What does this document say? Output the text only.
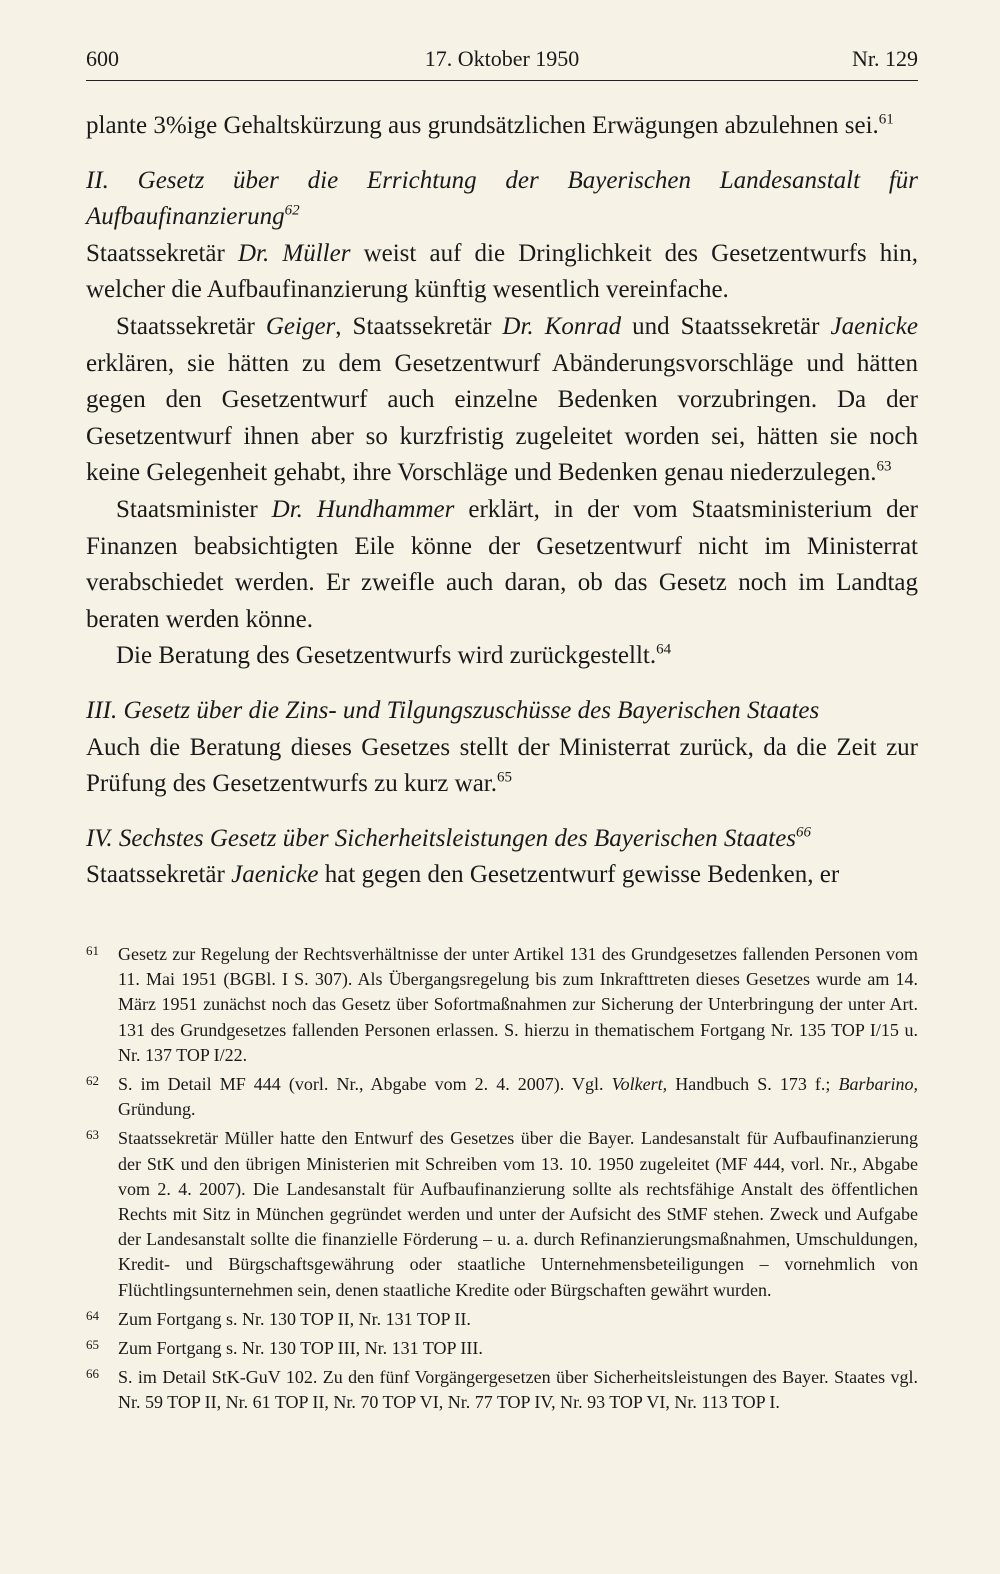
17. Oktober 1950
600	Nr. 129

plante 3%ige Gehaltskürzung aus grundsätzlichen Erwägungen abzulehnen sei.$^{61}$

II. Gesetz über die Errichtung der Bayerischen Landesanstalt für Aufbaufinanzierung$^{62}$

Staatssekretär Dr. Müller weist auf die Dringlichkeit des Gesetzentwurfs hin, welcher die Aufbaufinanzierung künftig wesentlich vereinfache.

Staatssekretär Geiger, Staatssekretär Dr. Konrad und Staatssekretär Jaenicke erklären, sie hätten zu dem Gesetzentwurf Abänderungsvorschläge und hätten gegen den Gesetzentwurf auch einzelne Bedenken vorzubringen. Da der Gesetzentwurf ihnen aber so kurzfristig zugeleitet worden sei, hätten sie noch keine Gelegenheit gehabt, ihre Vorschläge und Bedenken genau niederzulegen.$^{63}$

Staatsminister Dr. Hundhammer erklärt, in der vom Staatsministerium der Finanzen beabsichtigten Eile könne der Gesetzentwurf nicht im Ministerrat verabschiedet werden. Er zweifle auch daran, ob das Gesetz noch im Landtag beraten werden könne.

Die Beratung des Gesetzentwurfs wird zurückgestellt.$^{64}$

III. Gesetz über die Zins- und Tilgungszuschüsse des Bayerischen Staates

Auch die Beratung dieses Gesetzes stellt der Ministerrat zurück, da die Zeit zur Prüfung des Gesetzentwurfs zu kurz war.$^{65}$

IV. Sechstes Gesetz über Sicherheitsleistungen des Bayerischen Staates$^{66}$

Staatssekretär Jaenicke hat gegen den Gesetzentwurf gewisse Bedenken, er

61 Gesetz zur Regelung der Rechtsverhältnisse der unter Artikel 131 des Grundgesetzes fallenden Personen vom 11. Mai 1951 (BGBl. I S. 307). Als Übergangsregelung bis zum Inkrafttreten dieses Gesetzes wurde am 14. März 1951 zunächst noch das Gesetz über Sofortmaßnahmen zur Sicherung der Unterbringung der unter Art. 131 des Grundgesetzes fallenden Personen erlassen. S. hierzu in thematischem Fortgang Nr. 135 TOP I/15 u. Nr. 137 TOP I/22.
62 S. im Detail MF 444 (vorl. Nr., Abgabe vom 2. 4. 2007). Vgl. Volkert, Handbuch S. 173 f.; Barbarino, Gründung.
63 Staatssekretär Müller hatte den Entwurf des Gesetzes über die Bayer. Landesanstalt für Aufbaufinanzierung der StK und den übrigen Ministerien mit Schreiben vom 13. 10. 1950 zugeleitet (MF 444, vorl. Nr., Abgabe vom 2. 4. 2007). Die Landesanstalt für Aufbaufinanzierung sollte als rechtsfähige Anstalt des öffentlichen Rechts mit Sitz in München gegründet werden und unter der Aufsicht des StMF stehen. Zweck und Aufgabe der Landesanstalt sollte die finanzielle Förderung – u. a. durch Refinanzierungsmaßnahmen, Umschuldungen, Kredit- und Bürgschaftsgewährung oder staatliche Unternehmensbeteiligungen – vornehmlich von Flüchtlingsunternehmen sein, denen staatliche Kredite oder Bürgschaften gewährt wurden.
64 Zum Fortgang s. Nr. 130 TOP II, Nr. 131 TOP II.
65 Zum Fortgang s. Nr. 130 TOP III, Nr. 131 TOP III.
66 S. im Detail StK-GuV 102. Zu den fünf Vorgängergesetzen über Sicherheitsleistungen des Bayer. Staates vgl. Nr. 59 TOP II, Nr. 61 TOP II, Nr. 70 TOP VI, Nr. 77 TOP IV, Nr. 93 TOP VI, Nr. 113 TOP I.
